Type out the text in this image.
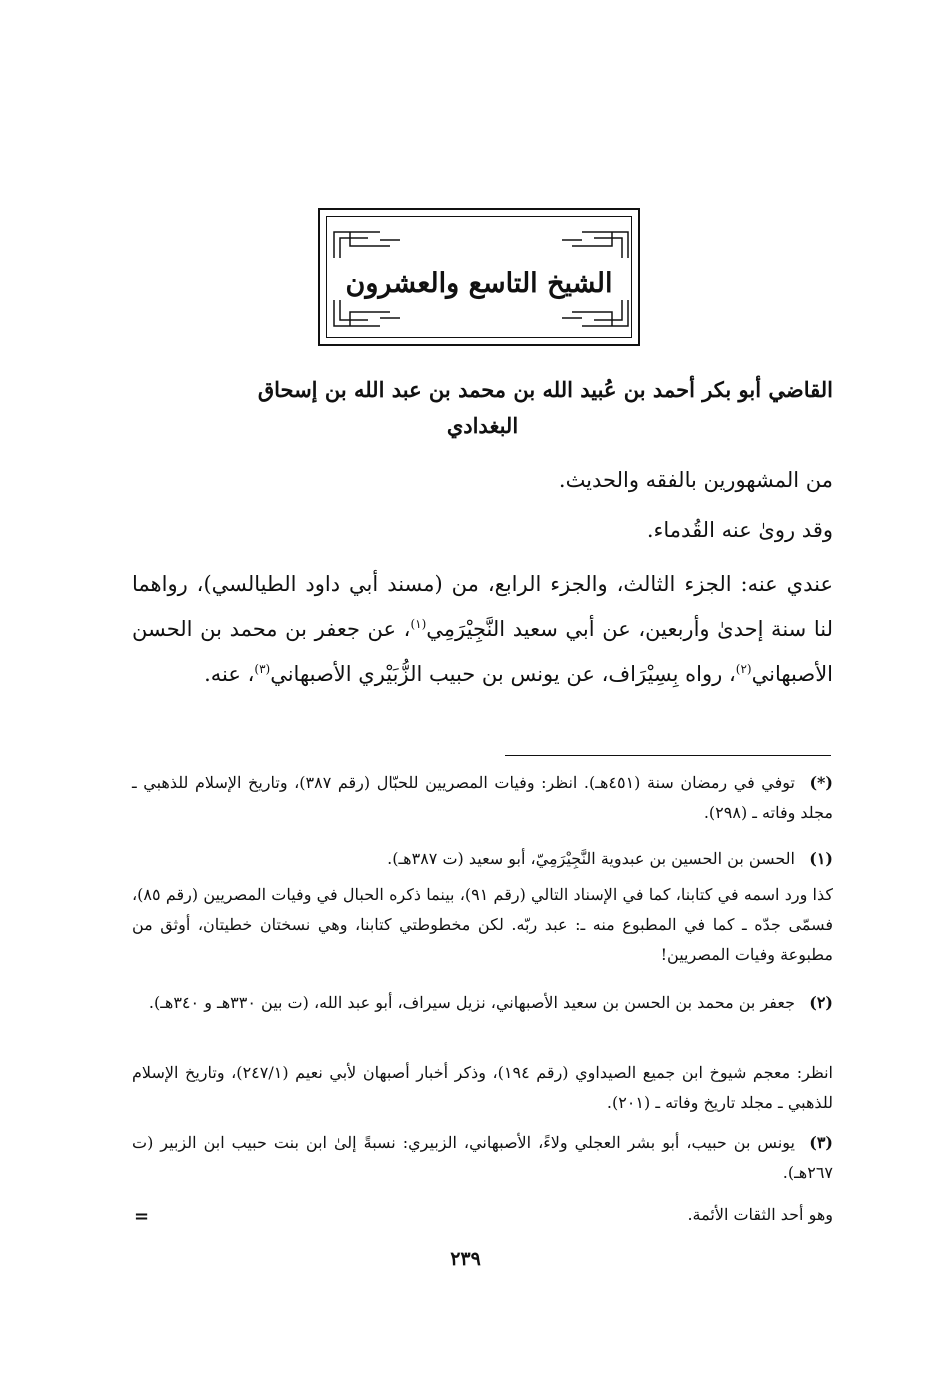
الشيخ التاسع والعشرون
القاضي أبو بكر أحمد بن عُبيد الله بن محمد بن عبد الله بن إسحاق
البغدادي
من المشهورين بالفقه والحديث.
وقد روىٰ عنه القُدماء.
عندي عنه: الجزء الثالث، والجزء الرابع، من (مسند أبي داود الطيالسي)، رواهما لنا سنة إحدىٰ وأربعين، عن أبي سعيد النَّجِيْرَمِي$^{(١)}$، عن جعفر بن محمد بن الحسن الأصبهاني$^{(٢)}$، رواه بِسِيْرَاف، عن يونس بن حبيب الزُّبَيْري الأصبهاني$^{(٣)}$، عنه.
(*)توفي في رمضان سنة (٤٥١هـ). انظر: وفيات المصريين للحبّال (رقم ٣٨٧)، وتاريخ الإسلام للذهبي ـ مجلد وفاته ـ (٢٩٨).
(١)الحسن بن الحسين بن عبدوية النَّجِيْرَمِيّ، أبو سعيد (ت ٣٨٧هـ).
كذا ورد اسمه في كتابنا، كما في الإسناد التالي (رقم ٩١)، بينما ذكره الحبال في وفيات المصريين (رقم ٨٥)، فسمّى جدّه ـ كما في المطبوع منه ـ: عبد ربّه. لكن مخطوطتي كتابنا، وهي نسختان خطيتان، أوثق من مطبوعة وفيات المصريين!
(٢)جعفر بن محمد بن الحسن بن سعيد الأصبهاني، نزيل سيراف، أبو عبد الله، (ت بين ٣٣٠هـ و ٣٤٠هـ).
انظر: معجم شيوخ ابن جميع الصيداوي (رقم ١٩٤)، وذكر أخبار أصبهان لأبي نعيم (٢٤٧/١)، وتاريخ الإسلام للذهبي ـ مجلد تاريخ وفاته ـ (٢٠١).
(٣)يونس بن حبيب، أبو بشر العجلي ولاءً، الأصبهاني، الزبيري: نسبةً إلىٰ ابن بنت حبيب ابن الزبير (ت ٢٦٧هـ).
وهو أحد الثقات الأئمة.
=
٢٣٩
